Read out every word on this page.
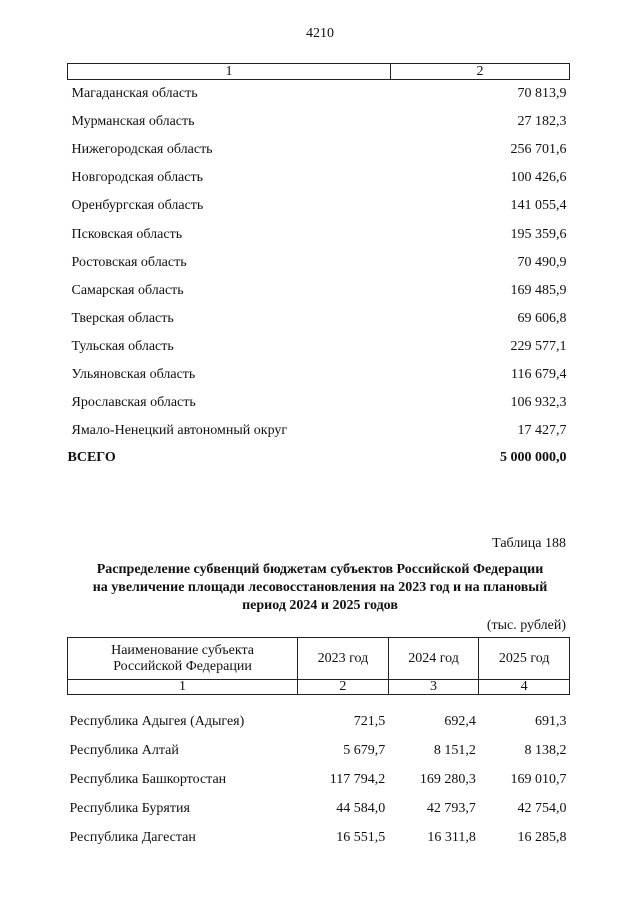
4210
1	2
Магаданская область	70 813,9
Мурманская область	27 182,3
Нижегородская область	256 701,6
Новгородская область	100 426,6
Оренбургская область	141 055,4
Псковская область	195 359,6
Ростовская область	70 490,9
Самарская область	169 485,9
Тверская область	69 606,8
Тульская область	229 577,1
Ульяновская область	116 679,4
Ярославская область	106 932,3
Ямало-Ненецкий автономный округ	17 427,7
ВСЕГО	5 000 000,0
Таблица 188
Распределение субвенций бюджетам субъектов Российской Федерации
на увеличение площади лесовосстановления на 2023 год и на плановый
период 2024 и 2025 годов
(тыс. рублей)
Наименование субъекта
Российской Федерации	2023 год	2024 год	2025 год
1	2	3	4
Республика Адыгея (Адыгея)	721,5	692,4	691,3
Республика Алтай	5 679,7	8 151,2	8 138,2
Республика Башкортостан	117 794,2	169 280,3	169 010,7
Республика Бурятия	44 584,0	42 793,7	42 754,0
Республика Дагестан	16 551,5	16 311,8	16 285,8
